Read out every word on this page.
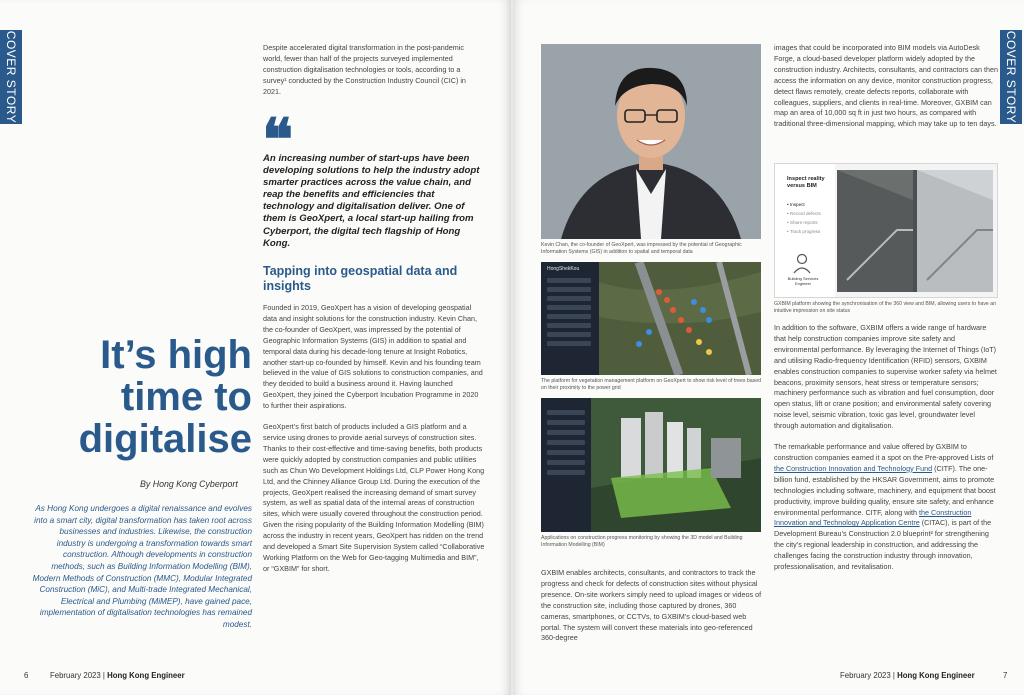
COVER STORY	Despite accelerated digital transformation in the post-pandemic world, fewer than half of the projects surveyed implemented construction digitalisation technologies or tools, according to a survey¹ conducted by the Construction Industry Council (CIC) in 2021.

❝
An increasing number of start-ups have been developing solutions to help the industry adopt smarter practices across the value chain, and reap the benefits and efficiencies that technology and digitalisation deliver. One of them is GeoXpert, a local start-up hailing from Cyberport, the digital tech flagship of Hong Kong.
Tapping into geospatial data and insights

Founded in 2019, GeoXpert has a vision of developing geospatial data and insight solutions for the construction industry. Kevin Chan, the co-founder of GeoXpert, was impressed by the potential of Geographic Information Systems (GIS) in addition to spatial and temporal data during his decade-long tenure at Insight Robotics, another start-up co-founded by himself. Kevin and his founding team believed in the value of GIS solutions to construction companies, and they decided to build a business around it. Having launched GeoXpert, they joined the Cyberport Incubation Programme in 2020 to further their aspirations.

GeoXpert’s first batch of products included a GIS platform and a service using drones to provide aerial surveys of construction sites. Thanks to their cost-effective and time-saving benefits, both products were quickly adopted by construction companies and public utilities such as Chun Wo Development Holdings Ltd, CLP Power Hong Kong Ltd, and the Chinney Alliance Group Ltd. During the execution of the projects, GeoXpert realised the increasing demand of smart survey system, as well as spatial data of the internal areas of construction sites, which were usually covered throughout the construction period. Given the rising popularity of the Building Information Modelling (BIM) across the industry in recent years, GeoXpert has ridden on the trend and developed a Smart Site Supervision System called “Collaborative Working Platform on the Web for Geo-tagging Multimedia and BIM”, or “GXBIM” for short.

It’s high
time to
digitalise
By Hong Kong Cyberport
As Hong Kong undergoes a digital renaissance and evolves into a smart city, digital transformation has taken root across businesses and industries. Likewise, the construction industry is undergoing a transformation towards smart construction. Although developments in construction methods, such as Building Information Modelling (BIM), Modern Methods of Construction (MMC), Modular Integrated Construction (MiC), and Multi-trade Integrated Mechanical, Electrical and Plumbing (MiMEP), have gained pace, implementation of digitalisation technologies has remained modest.
6	February 2023 | Hong Kong Engineer
COVER STORY
Kevin Chan, the co-founder of GeoXpert, was impressed by the potential of Geographic Information Systems (GIS) in addition to spatial and temporal data
HongShekKou
The platform for vegetation management platform on GeoXpert to show risk level of trees based on their proximity to the power grid
Applications on construction progress monitoring by showing the 3D model and Building Information Modelling (BIM)

GXBIM enables architects, consultants, and contractors to track the progress and check for defects of construction sites without physical presence. On-site workers simply need to upload images or videos of the construction site, including those captured by drones, 360 cameras, smartphones, or CCTVs, to GXBIM’s cloud-based web portal. The system will convert these materials into geo-referenced 360-degree

images that could be incorporated into BIM models via AutoDesk Forge, a cloud-based developer platform widely adopted by the construction industry. Architects, consultants, and contractors can then access the information on any device, monitor construction progress, detect flaws remotely, create defects reports, collaborate with colleagues, suppliers, and clients in real-time. Moreover, GXBIM can map an area of 10,000 sq ft in just two hours, as compared with traditional three-dimensional mapping, which may take up to ten days.

Inspect reality versus BIM
• Inspect
• Record defects
• Share reports
• Track progress
Building Services Engineer
GXBIM platform showing the synchronisation of the 360 view and BIM, allowing users to have an intuitive impression on site status

In addition to the software, GXBIM offers a wide range of hardware that help construction companies improve site safety and environmental performance. By leveraging the Internet of Things (IoT) and utilising Radio-frequency Identification (RFID) sensors, GXBIM enables construction companies to supervise worker safety via helmet beacons, proximity sensors, heat stress or temperature sensors; machinery performance such as vibration and fuel consumption, door open status, lift or crane position; and environmental safety covering noise level, seismic vibration, toxic gas level, groundwater level through automation and digitalisation.

The remarkable performance and value offered by GXBIM to construction companies earned it a spot on the Pre-approved Lists of the Construction Innovation and Technology Fund (CITF). The one-billion fund, established by the HKSAR Government, aims to promote technologies including software, machinery, and equipment that boost productivity, improve building quality, ensure site safety, and enhance environmental performance. CITF, along with the Construction Innovation and Technology Application Centre (CITAC), is part of the Development Bureau’s Construction 2.0 blueprint² for strengthening the city’s regional leadership in construction, and addressing the challenges facing the construction industry through innovation, professionalisation, and revitalisation.

February 2023 | Hong Kong Engineer	7
